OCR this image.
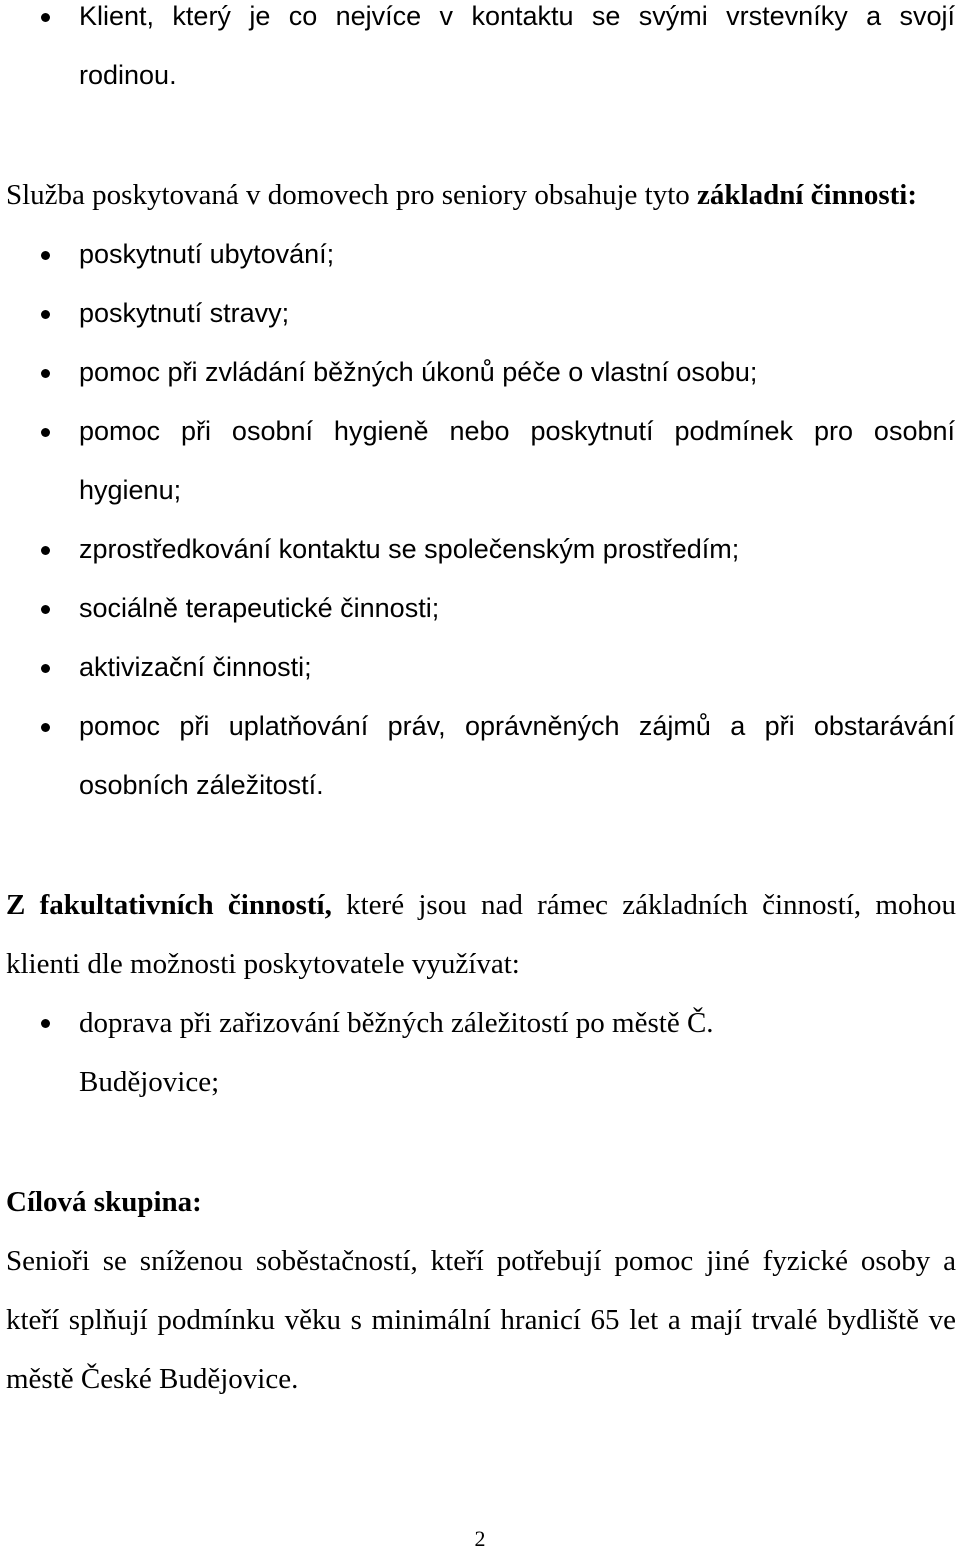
Klient, který je co nejvíce v kontaktu se svými vrstevníky a svojí
rodinou.

Služba poskytovaná v domovech pro seniory obsahuje tyto základní činnosti:

poskytnutí ubytování;
poskytnutí stravy;
pomoc při zvládání běžných úkonů péče o vlastní osobu;
pomoc při osobní hygieně nebo poskytnutí podmínek pro osobní hygienu;
zprostředkování kontaktu se společenským prostředím;
sociálně terapeutické činnosti;
aktivizační činnosti;
pomoc při uplatňování práv, oprávněných zájmů a při obstarávání osobních záležitostí.

Z fakultativních činností, které jsou nad rámec základních činností, mohou klienti dle možnosti poskytovatele využívat:

doprava při zařizování běžných záležitostí po městě Č. Budějovice;

Cílová skupina:

Senioři se sníženou soběstačností, kteří potřebují pomoc jiné fyzické osoby a kteří splňují podmínku věku s minimální hranicí 65 let a mají trvalé bydliště ve městě České Budějovice.

2
